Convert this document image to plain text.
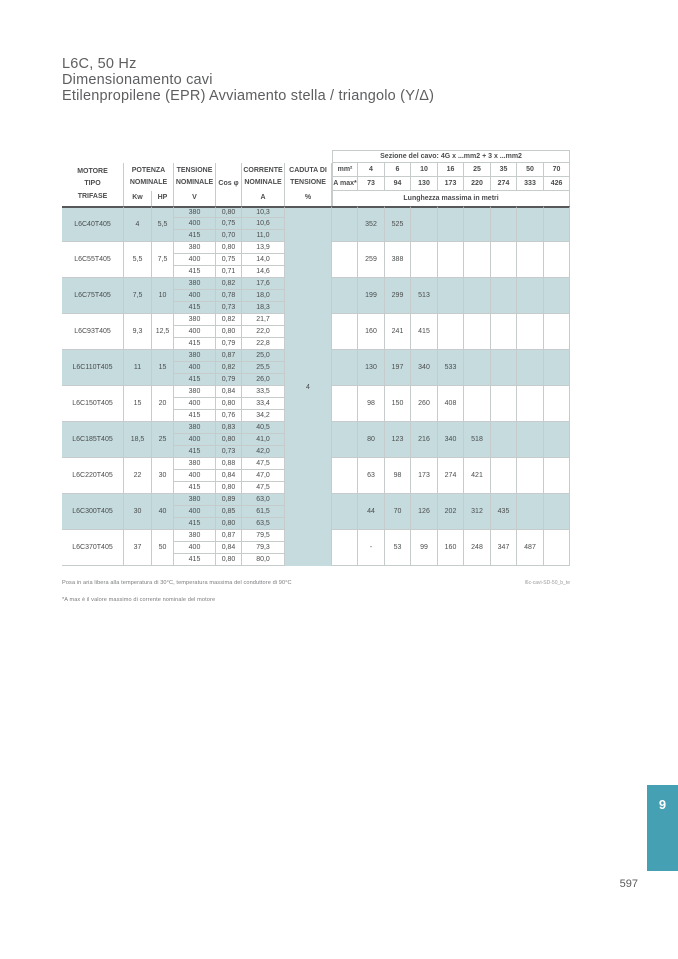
L6C, 50 Hz
Dimensionamento cavi
Etilenpropilene (EPR) Avviamento stella / triangolo (Y/Δ)
							Sezione del cavo: 4G x ...mm2 + 3 x ...mm2								

MOTORE
TIPO
TRIFASE	POTENZA
NOMINALE		TENSIONE
NOMINALE	Cos φ	CORRENTE
NOMINALE	CADUTA DI
TENSIONE	mm²	4	6	10	16	25	35	50	70
							A max*	73	94	130	173	220	274	333	426
	Kw	HP	V		A	%	Lunghezza massima in metri								
L6C40T405	4	5,5	380	0,80	10,3	4		352	525						
			400	0,75	10,6										
			415	0,70	11,0										
L6C55T405	5,5	7,5	380	0,80	13,9			259	388						
			400	0,75	14,0										
			415	0,71	14,6										
L6C75T405	7,5	10	380	0,82	17,6			199	299	513					
			400	0,78	18,0										
			415	0,73	18,3										
L6C93T405	9,3	12,5	380	0,82	21,7			160	241	415					
			400	0,80	22,0										
			415	0,79	22,8										
L6C110T405	11	15	380	0,87	25,0			130	197	340	533				
			400	0,82	25,5										
			415	0,79	26,0										
L6C150T405	15	20	380	0,84	33,5			98	150	260	408				
			400	0,80	33,4										
			415	0,76	34,2										
L6C185T405	18,5	25	380	0,83	40,5			80	123	216	340	518			
			400	0,80	41,0										
			415	0,73	42,0										
L6C220T405	22	30	380	0,88	47,5			63	98	173	274	421			
			400	0,84	47,0										
			415	0,80	47,5										
L6C300T405	30	40	380	0,89	63,0			44	70	126	202	312	435		
			400	0,85	61,5										
			415	0,80	63,5										
L6C370T405	37	50	380	0,87	79,5			-	53	99	160	248	347	487	
			400	0,84	79,3										
			415	0,80	80,0										
Posa in aria libera alla temperatura di 30°C, temperatura massima del conduttore di 90°C
*A max è il valore massimo di corrente nominale del motore
l6c-cavi-SD-50_b_te
9
597
